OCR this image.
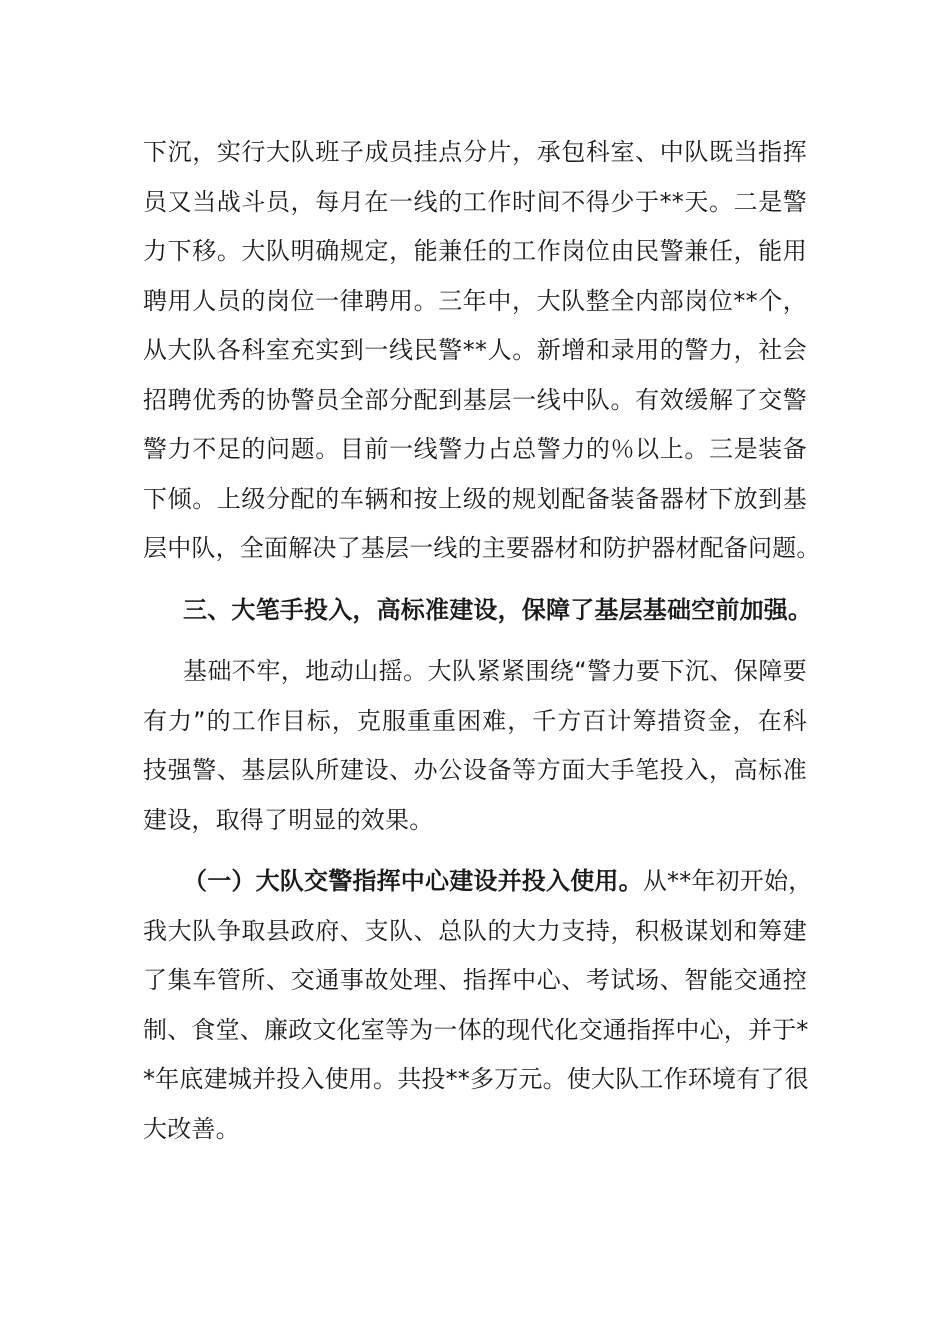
下沉，实行大队班子成员挂点分片，承包科室、中队既当指挥
员又当战斗员，每月在一线的工作时间不得少于**天。二是警
力下移。大队明确规定，能兼任的工作岗位由民警兼任，能用
聘用人员的岗位一律聘用。三年中，大队整全内部岗位**个，
从大队各科室充实到一线民警**人。新增和录用的警力，社会
招聘优秀的协警员全部分配到基层一线中队。有效缓解了交警
警力不足的问题。目前一线警力占总警力的％以上。三是装备
下倾。上级分配的车辆和按上级的规划配备装备器材下放到基
层中队，全面解决了基层一线的主要器材和防护器材配备问题。
三、大笔手投入，高标准建设，保障了基层基础空前加强。
基础不牢，地动山摇。大队紧紧围绕“警力要下沉、保障要
有力”的工作目标，克服重重困难，千方百计筹措资金，在科
技强警、基层队所建设、办公设备等方面大手笔投入，高标准
建设，取得了明显的效果。
（一）大队交警指挥中心建设并投入使用。从**年初开始，
我大队争取县政府、支队、总队的大力支持，积极谋划和筹建
了集车管所、交通事故处理、指挥中心、考试场、智能交通控
制、食堂、廉政文化室等为一体的现代化交通指挥中心，并于*
*年底建城并投入使用。共投**多万元。使大队工作环境有了很
大改善。
